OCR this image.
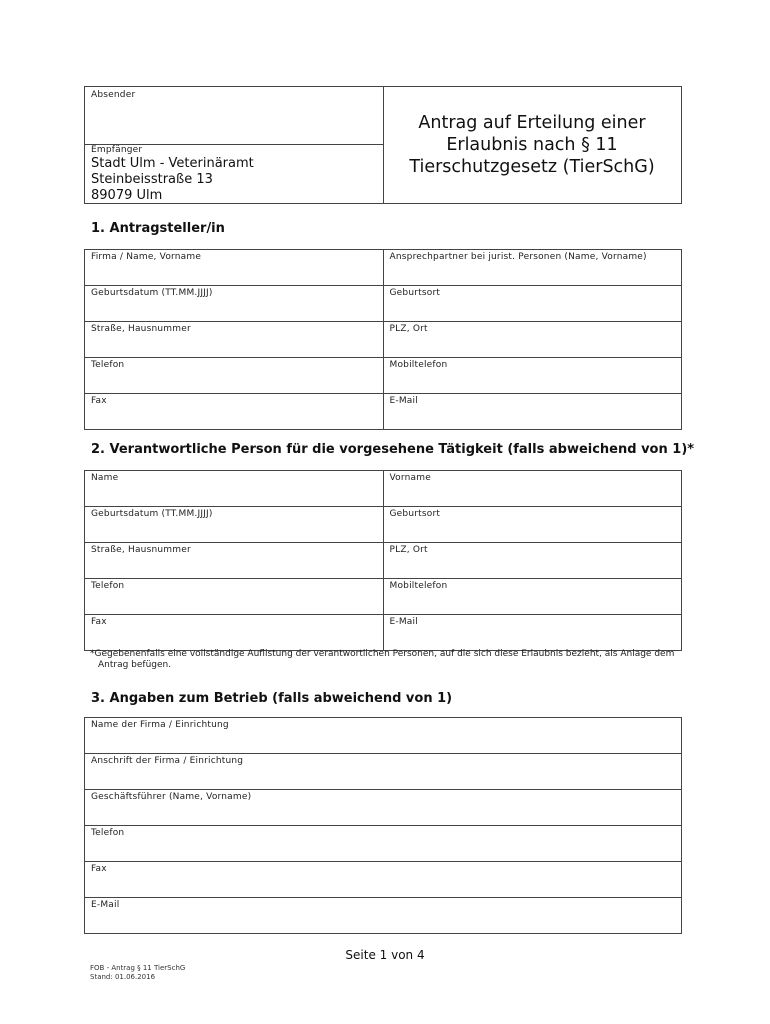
Absender
Empfänger
Stadt Ulm - Veterinäramt
Steinbeisstraße 13
89079 Ulm
Antrag auf Erteilung einer
Erlaubnis nach § 11
Tierschutzgesetz (TierSchG)
1. Antragsteller/in
Firma / Name, Vorname	Ansprechpartner bei jurist. Personen (Name, Vorname)
Geburtsdatum (TT.MM.JJJJ)	Geburtsort
Straße, Hausnummer	PLZ, Ort
Telefon	Mobiltelefon
Fax	E-Mail
2. Verantwortliche Person für die vorgesehene Tätigkeit (falls abweichend von 1)*
Name	Vorname
Geburtsdatum (TT.MM.JJJJ)	Geburtsort
Straße, Hausnummer	PLZ, Ort
Telefon	Mobiltelefon
Fax	E-Mail
*Gegebenenfalls eine vollständige Auflistung der verantwortlichen Personen, auf die sich diese Erlaubnis bezieht, als Anlage dem
Antrag befügen.
3. Angaben zum Betrieb (falls abweichend von 1)
Name der Firma / Einrichtung
Anschrift der Firma / Einrichtung
Geschäftsführer (Name, Vorname)
Telefon
Fax
E-Mail
Seite 1 von 4
FOB - Antrag § 11 TierSchG
Stand: 01.06.2016
